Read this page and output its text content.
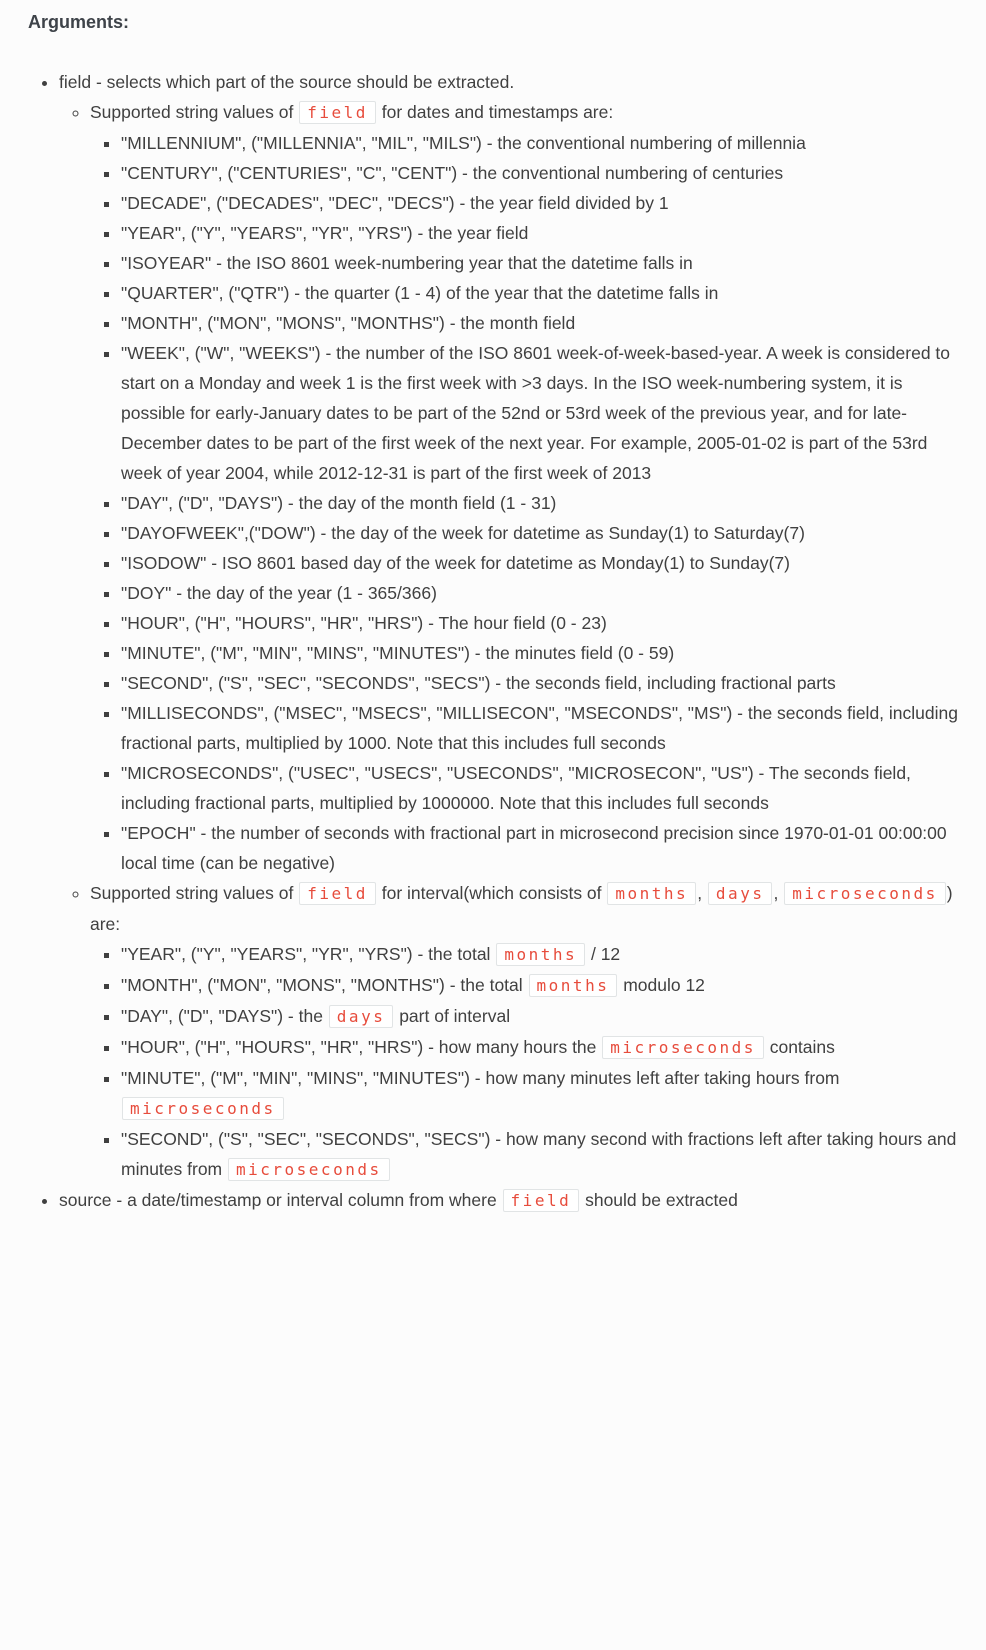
Arguments:

• field - selects which part of the source should be extracted.
◦ Supported string values of field for dates and timestamps are:
▪ "MILLENNIUM", ("MILLENNIA", "MIL", "MILS") - the conventional numbering of millennia
▪ "CENTURY", ("CENTURIES", "C", "CENT") - the conventional numbering of centuries
▪ "DECADE", ("DECADES", "DEC", "DECS") - the year field divided by 1
▪ "YEAR", ("Y", "YEARS", "YR", "YRS") - the year field
▪ "ISOYEAR" - the ISO 8601 week-numbering year that the datetime falls in
▪ "QUARTER", ("QTR") - the quarter (1 - 4) of the year that the datetime falls in
▪ "MONTH", ("MON", "MONS", "MONTHS") - the month field
▪ "WEEK", ("W", "WEEKS") - the number of the ISO 8601 week-of-week-based-year. A week is considered to start on a Monday and week 1 is the first week with >3 days. In the ISO week-numbering system, it is possible for early-January dates to be part of the 52nd or 53rd week of the previous year, and for late-December dates to be part of the first week of the next year. For example, 2005-01-02 is part of the 53rd week of year 2004, while 2012-12-31 is part of the first week of 2013
▪ "DAY", ("D", "DAYS") - the day of the month field (1 - 31)
▪ "DAYOFWEEK",("DOW") - the day of the week for datetime as Sunday(1) to Saturday(7)
▪ "ISODOW" - ISO 8601 based day of the week for datetime as Monday(1) to Sunday(7)
▪ "DOY" - the day of the year (1 - 365/366)
▪ "HOUR", ("H", "HOURS", "HR", "HRS") - The hour field (0 - 23)
▪ "MINUTE", ("M", "MIN", "MINS", "MINUTES") - the minutes field (0 - 59)
▪ "SECOND", ("S", "SEC", "SECONDS", "SECS") - the seconds field, including fractional parts
▪ "MILLISECONDS", ("MSEC", "MSECS", "MILLISECON", "MSECONDS", "MS") - the seconds field, including fractional parts, multiplied by 1000. Note that this includes full seconds
▪ "MICROSECONDS", ("USEC", "USECS", "USECONDS", "MICROSECON", "US") - The seconds field, including fractional parts, multiplied by 1000000. Note that this includes full seconds
▪ "EPOCH" - the number of seconds with fractional part in microsecond precision since 1970-01-01 00:00:00 local time (can be negative)
◦ Supported string values of field for interval(which consists of months , days , microseconds ) are:
▪ "YEAR", ("Y", "YEARS", "YR", "YRS") - the total months / 12
▪ "MONTH", ("MON", "MONS", "MONTHS") - the total months modulo 12
▪ "DAY", ("D", "DAYS") - the days part of interval
▪ "HOUR", ("H", "HOURS", "HR", "HRS") - how many hours the microseconds contains
▪ "MINUTE", ("M", "MIN", "MINS", "MINUTES") - how many minutes left after taking hours from microseconds
▪ "SECOND", ("S", "SEC", "SECONDS", "SECS") - how many second with fractions left after taking hours and minutes from microseconds
• source - a date/timestamp or interval column from where field should be extracted
